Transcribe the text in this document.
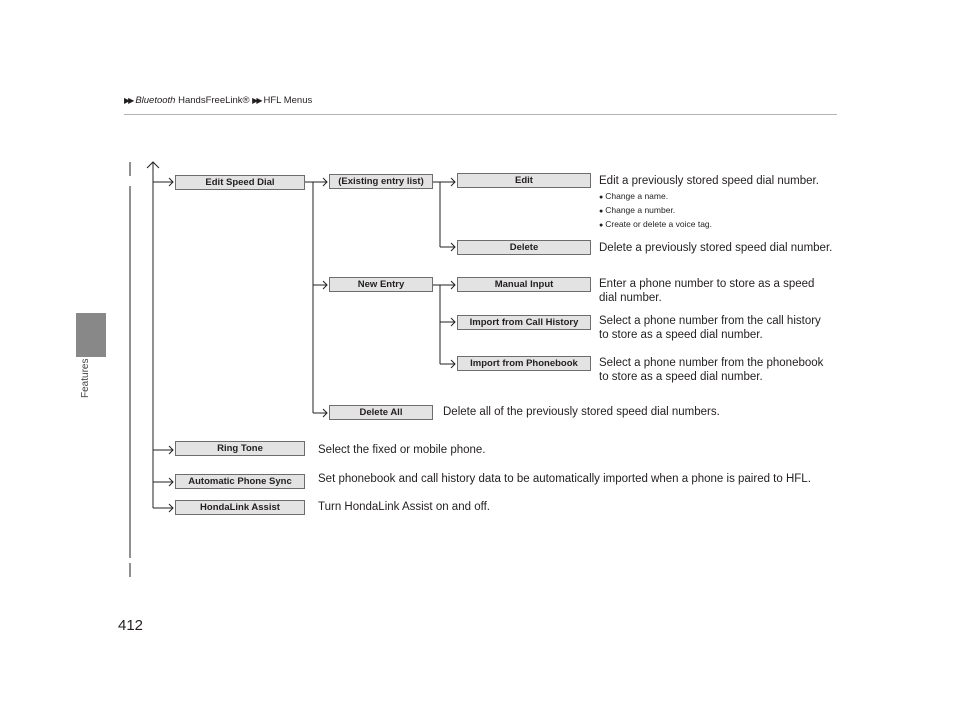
▶▶ Bluetooth HandsFreeLink® ▶▶ HFL Menus
Features
Edit Speed Dial
Ring Tone
Automatic Phone Sync
HondaLink Assist
(Existing entry list)
New Entry
Delete All
Edit
Delete
Manual Input
Import from Call History
Import from Phonebook
Edit a previously stored speed dial number.
● Change a name.
● Change a number.
● Create or delete a voice tag.
Delete a previously stored speed dial number.
Enter a phone number to store as a speed
dial number.
Select a phone number from the call history
to store as a speed dial number.
Select a phone number from the phonebook
to store as a speed dial number.
Delete all of the previously stored speed dial numbers.
Select the fixed or mobile phone.
Set phonebook and call history data to be automatically imported when a phone is paired to HFL.
Turn HondaLink Assist on and off.
412
